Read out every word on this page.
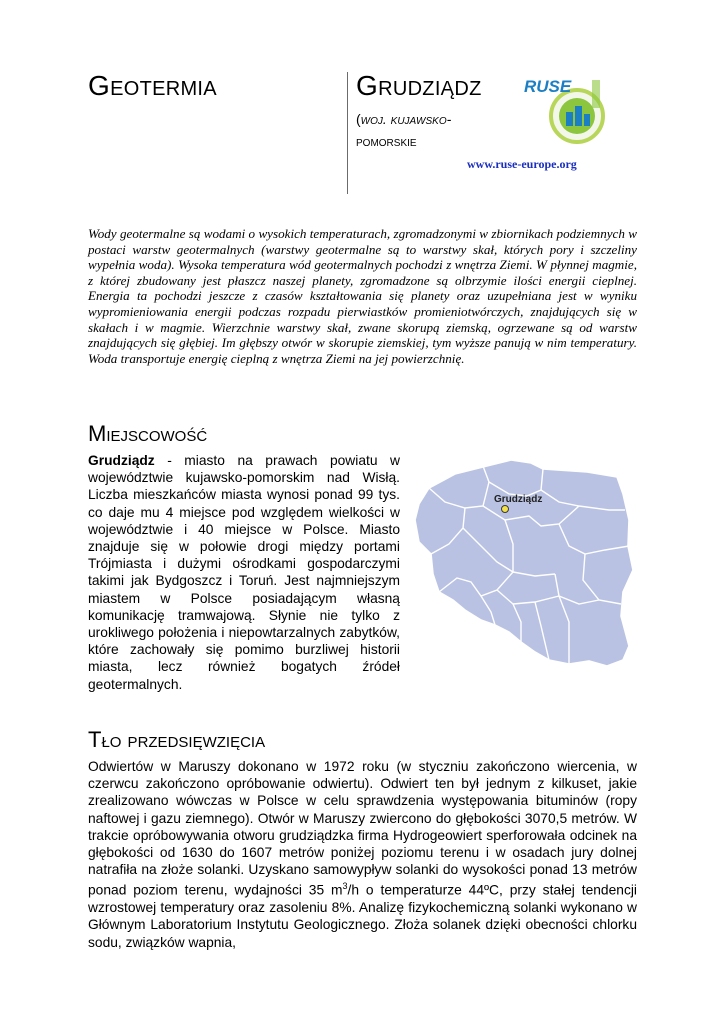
Geotermia	Grudziądz
(woj. kujawsko-
pomorskie
RUSE
www.ruse-europe.org

Wody geotermalne są wodami o wysokich temperaturach, zgromadzonymi w zbiornikach podziemnych w postaci warstw geotermalnych (warstwy geotermalne są to warstwy skał, których pory i szczeliny wypełnia woda). Wysoka temperatura wód geotermalnych pochodzi z wnętrza Ziemi. W płynnej magmie, z której zbudowany jest płaszcz naszej planety, zgromadzone są olbrzymie ilości energii cieplnej. Energia ta pochodzi jeszcze z czasów kształtowania się planety oraz uzupełniana jest w wyniku wypromieniowania energii podczas rozpadu pierwiastków promieniotwórczych, znajdujących się w skałach i w magmie. Wierzchnie warstwy skał, zwane skorupą ziemską, ogrzewane są od warstw znajdujących się głębiej. Im głębszy otwór w skorupie ziemskiej, tym wyższe panują w nim temperatury. Woda transportuje energię cieplną z wnętrza Ziemi na jej powierzchnię.

Miejscowość

Grudziądz - miasto na prawach powiatu w województwie kujawsko-pomorskim nad Wisłą. Liczba mieszkańców miasta wynosi ponad 99 tys. co daje mu 4 miejsce pod względem wielkości w województwie i 40 miejsce w Polsce. Miasto znajduje się w połowie drogi między portami Trójmiasta i dużymi ośrodkami gospodarczymi takimi jak Bydgoszcz i Toruń. Jest najmniejszym miastem w Polsce posiadającym własną komunikację tramwajową. Słynie nie tylko z urokliwego położenia i niepowtarzalnych zabytków, które zachowały się pomimo burzliwej historii miasta, lecz również bogatych źródeł geotermalnych.

Grudziądz
Tło przedsięwzięcia

Odwiertów w Maruszy dokonano w 1972 roku (w styczniu zakończono wiercenia, w czerwcu zakończono opróbowanie odwiertu). Odwiert ten był jednym z kilkuset, jakie zrealizowano wówczas w Polsce w celu sprawdzenia występowania bituminów (ropy naftowej i gazu ziemnego). Otwór w Maruszy zwiercono do głębokości 3070,5 metrów. W trakcie opróbowywania otworu grudziądzka firma Hydrogeowiert sperforowała odcinek na głębokości od 1630 do 1607 metrów poniżej poziomu terenu i w osadach jury dolnej natrafiła na złoże solanki. Uzyskano samowypływ solanki do wysokości ponad 13 metrów ponad poziom terenu, wydajności 35 $m^3/h$ o temperaturze 44ºC, przy stałej tendencji wzrostowej temperatury oraz zasoleniu 8%. Analizę fizykochemiczną solanki wykonano w Głównym Laboratorium Instytutu Geologicznego. Złoża solanek dzięki obecności chlorku sodu, związków wapnia,
